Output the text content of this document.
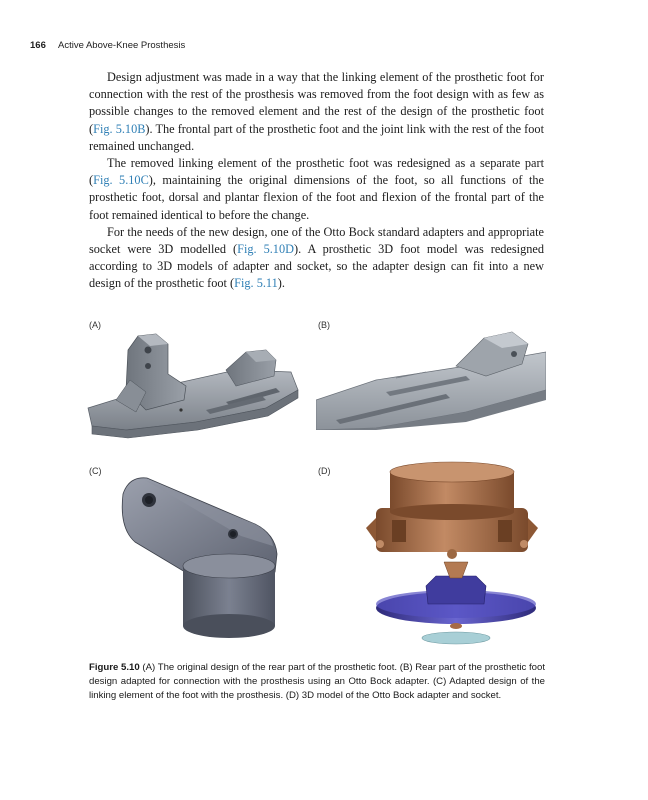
166 Active Above-Knee Prosthesis

Design adjustment was made in a way that the linking element of the prosthetic foot for connection with the rest of the prosthesis was removed from the foot design with as few as possible changes to the removed element and the rest of the design of the prosthetic foot (Fig. 5.10B). The frontal part of the prosthetic foot and the joint link with the rest of the foot remained unchanged.

The removed linking element of the prosthetic foot was redesigned as a separate part (Fig. 5.10C), maintaining the original dimensions of the foot, so all functions of the prosthetic foot, dorsal and plantar flexion of the foot and flexion of the frontal part of the foot remained identical to before the change.

For the needs of the new design, one of the Otto Bock standard adapters and appropriate socket were 3D modelled (Fig. 5.10D). A prosthetic 3D foot model was redesigned according to 3D models of adapter and socket, so the adapter design can fit into a new design of the prosthetic foot (Fig. 5.11).

(A)	(B)
(C)	(D)
Figure 5.10 (A) The original design of the rear part of the prosthetic foot. (B) Rear part of the prosthetic foot design adapted for connection with the prosthesis using an Otto Bock adapter. (C) Adapted design of the linking element of the foot with the prosthesis. (D) 3D model of the Otto Bock adapter and socket.
